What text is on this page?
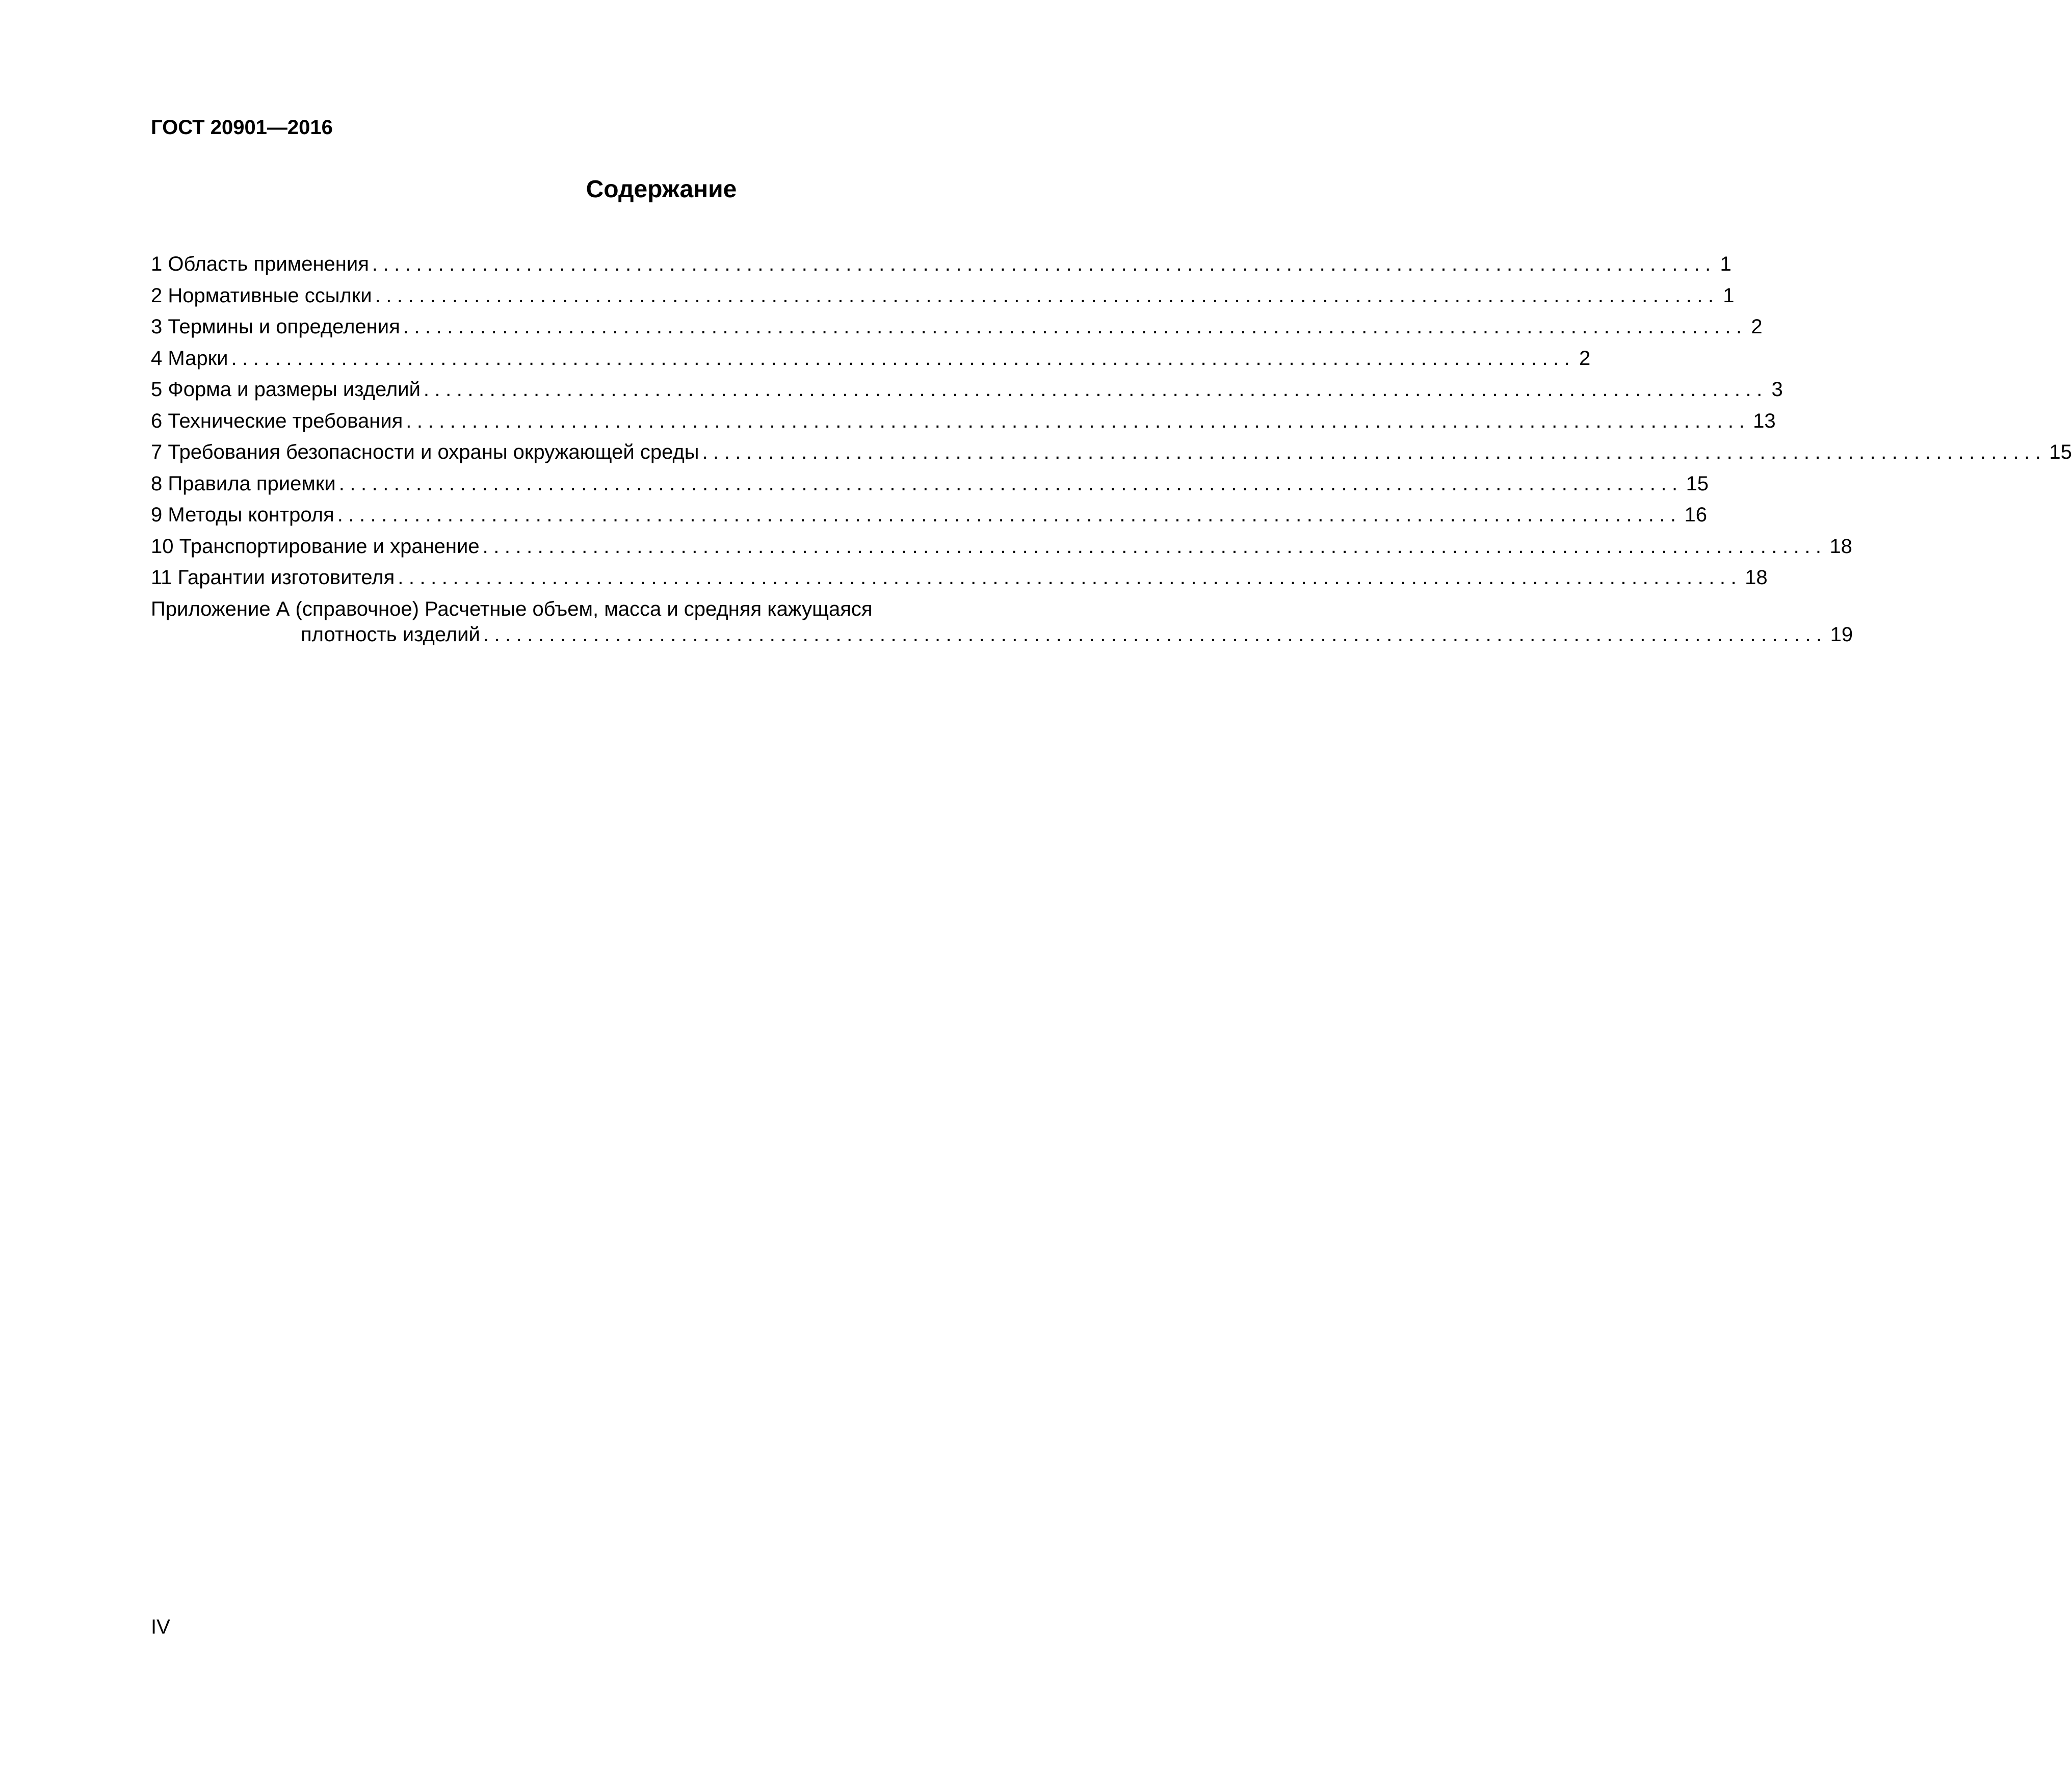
ГОСТ 20901—2016
Содержание
1 Область применения .......................................................................................................................... 1
2 Нормативные ссылки .......................................................................................................................... 1
3 Термины и определения .......................................................................................................................... 2
4 Марки .......................................................................................................................... 2
5 Форма и размеры изделий .......................................................................................................................... 3
6 Технические требования .......................................................................................................................... 13
7 Требования безопасности и охраны окружающей среды .......................................................................................................................... 15
8 Правила приемки .......................................................................................................................... 15
9 Методы контроля .......................................................................................................................... 16
10 Транспортирование и хранение .......................................................................................................................... 18
11 Гарантии изготовителя .......................................................................................................................... 18
Приложение А (справочное) Расчетные объем, масса и средняя кажущаяся
плотность изделий .......................................................................................................................... 19
IV
